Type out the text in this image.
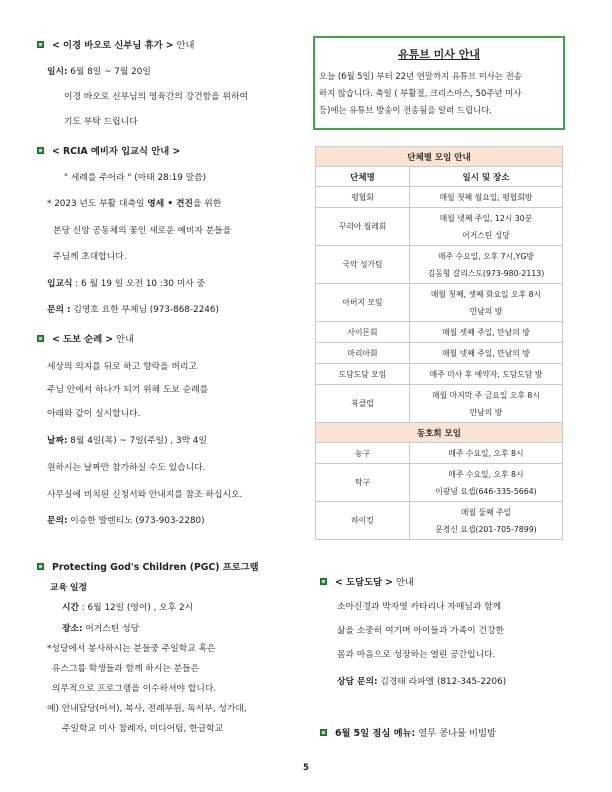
< 이경 바오로 신부님 휴가 > 안내
일시: 6월 8일 ~ 7월 20일
이경 바오로 신부님의 영육간의 강건함을 위하여
기도 부탁 드립니다
< RCIA 예비자 입교식 안내 >
" 세례를 주어라 " (마태 28:19 말씀)
* 2023 년도 부활 대축일 영세 • 견진을 위한
본당 신앙 공동체의 꽃인 새로운 예비자 분들을
주님께 초대합니다.
입교식 : 6 월 19 일 오전 10 :30 미사 중
문의 : 김영호 요한 부제님 (973-868-2246)
< 도보 순례 > 안내
세상의 의지를 뒤로 하고 향락을 버리고
주님 안에서 하나가 되기 위해 도보 순례를
아래와 같이 실시합니다.
날짜: 8월 4일(목) ~ 7일(주일) , 3박 4일
원하시는 날짜만 참가하실 수도 있습니다.
사무실에 비치된 신청서와 안내지를 참조 하십시오.
문의: 이승한 발렌티노 (973-903-2280)
Protecting God's Children (PGC) 프로그램
교육 일정
시간 : 6월 12일 (영어) , 오후 2시
장소: 어거스틴 성당
*성당에서 봉사하시는 분들중 주일학교 혹은
유스그룹 학생들과 함께 하시는 분들은
의무적으로 프로그램을 이수하셔야 합니다.
예) 안내담당(어셔), 복사, 전례부원, 독서부, 성가대,
주일학교 미사 참례자, 미디어팀, 한글학교
유튜브 미사 안내
오늘 (6월 5일) 부터 22년 연말까지 유튜브 미사는 전송
하지 않습니다. 축일 ( 부활절, 크리스마스, 50주년 미사
등)에는 유튜브 방송이 전송됨을 알려 드립니다.
단체별 모임 안내	
단체명	일시 및 장소
평협회	매월 첫째 월요일, 평협회방

꾸리아 월레회	매월 넷째 주일, 12시 30분
어거스틴 성당

국악 성가팀	매주 수요일, 오후 7시,YG방
김동형 갈리스도(973-980-2113)

아버지 모임	매월 첫째, 셋째 화요일 오후 8시
만남의 방

사이몬회	매월 셋째 주일, 만남의 방

마리아회	매월 넷째 주일, 만남의 방

도담도담 모임	매주 미사 후 예약자, 도담도담 방

북클럽	매월 마지막 주 금요일 오후 8시
만남의 방

동호회 모임	
농구	매주 수요일, 오후 8시

탁구	매주 수요일, 오후 8시
이광녕 요셉(646-335-5664)

하이킹	매월 둘째 주일
문경신 요셉(201-705-7899)
< 도담도담 > 안내
소아신경과 박자영 카타리나 자매님과 함께
삶을 소중히 여기며 아이들과 가족이 건강한
몸과 마음으로 성장하는 열린 공간입니다.
상담 문의: 김경태 라파엘 (812-345-2206)
6월 5일 점심 메뉴: 열무 콩나물 비빔밥
5
